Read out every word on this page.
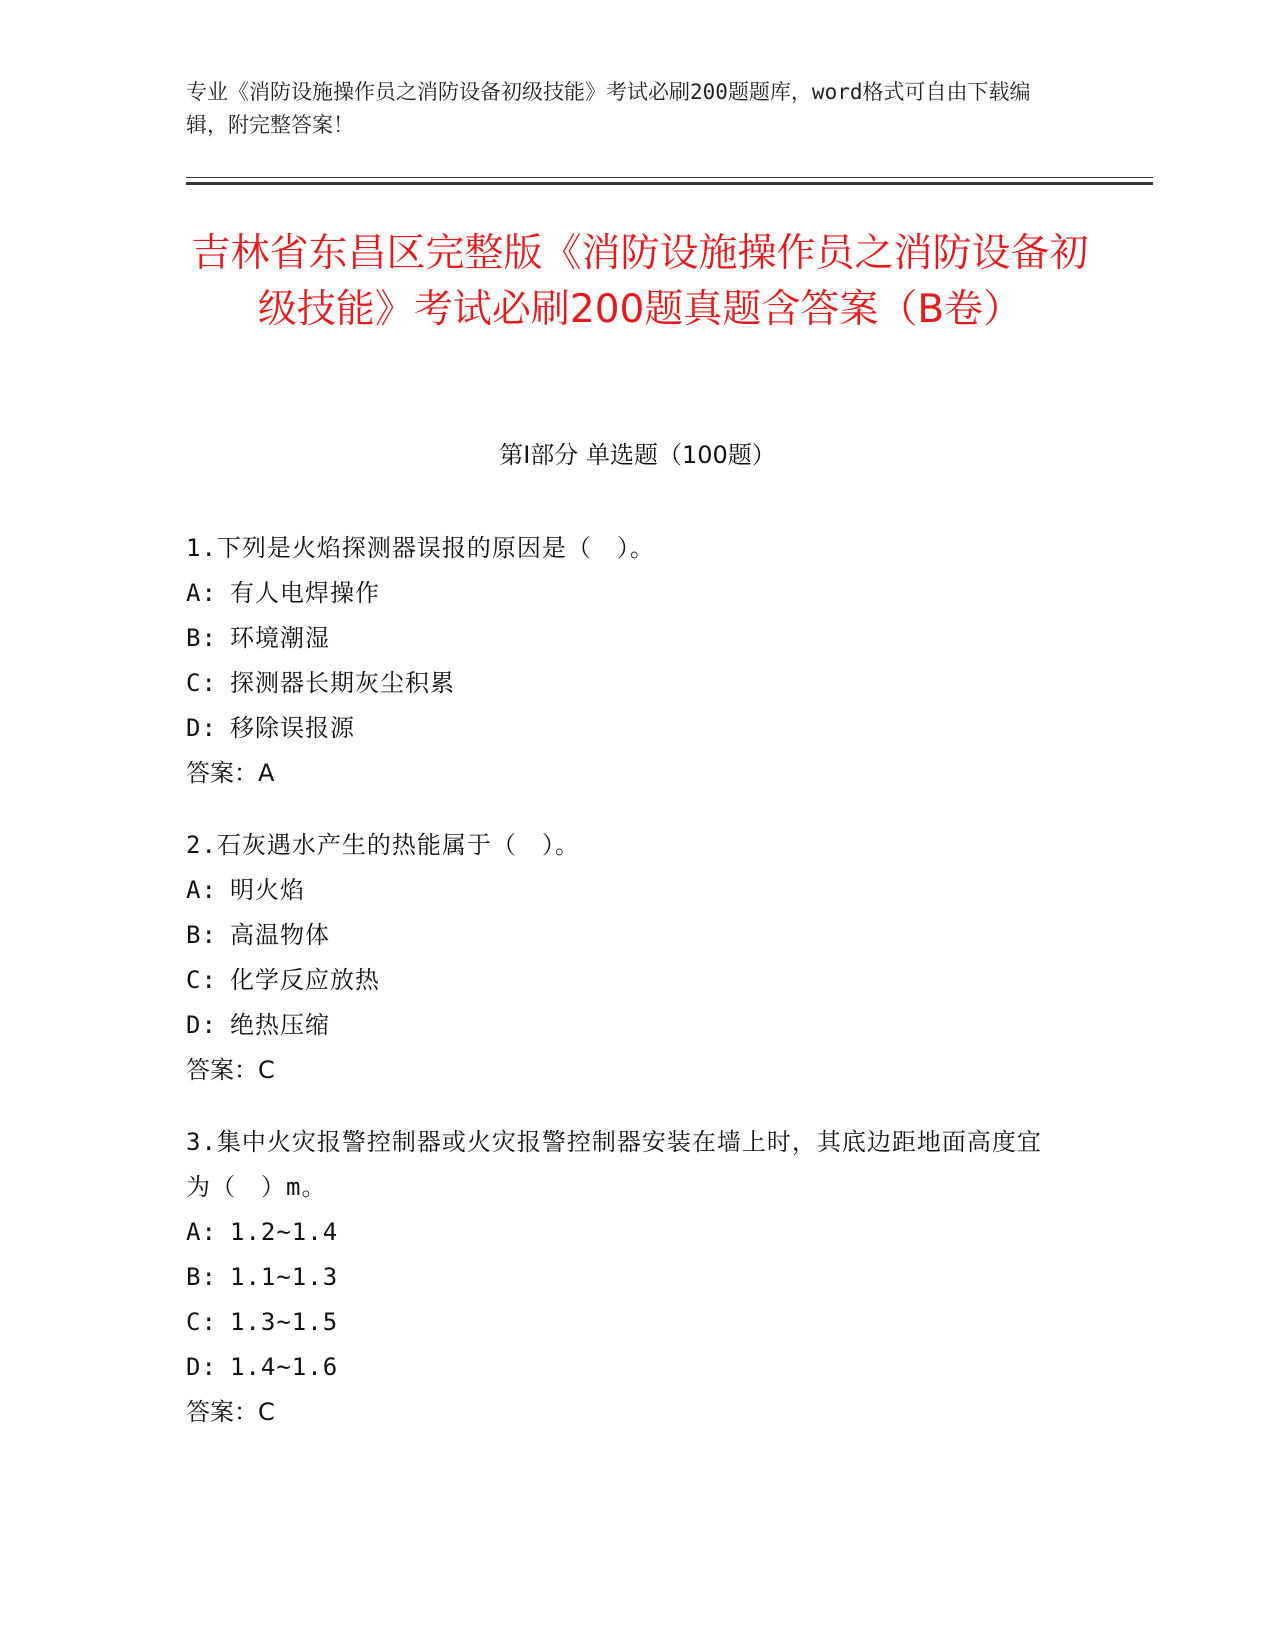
专业《消防设施操作员之消防设备初级技能》考试必刷200题题库，word格式可自由下载编辑，附完整答案！
吉林省东昌区完整版《消防设施操作员之消防设备初级技能》考试必刷200题真题含答案（B卷）
第Ⅰ部分 单选题（100题）
1.下列是火焰探测器误报的原因是（　）。
A: 有人电焊操作
B: 环境潮湿
C: 探测器长期灰尘积累
D: 移除误报源
答案：A
2.石灰遇水产生的热能属于（　）。
A: 明火焰
B: 高温物体
C: 化学反应放热
D: 绝热压缩
答案：C
3.集中火灾报警控制器或火灾报警控制器安装在墙上时，其底边距地面高度宜为（　）m。
A: 1.2~1.4
B: 1.1~1.3
C: 1.3~1.5
D: 1.4~1.6
答案：C
